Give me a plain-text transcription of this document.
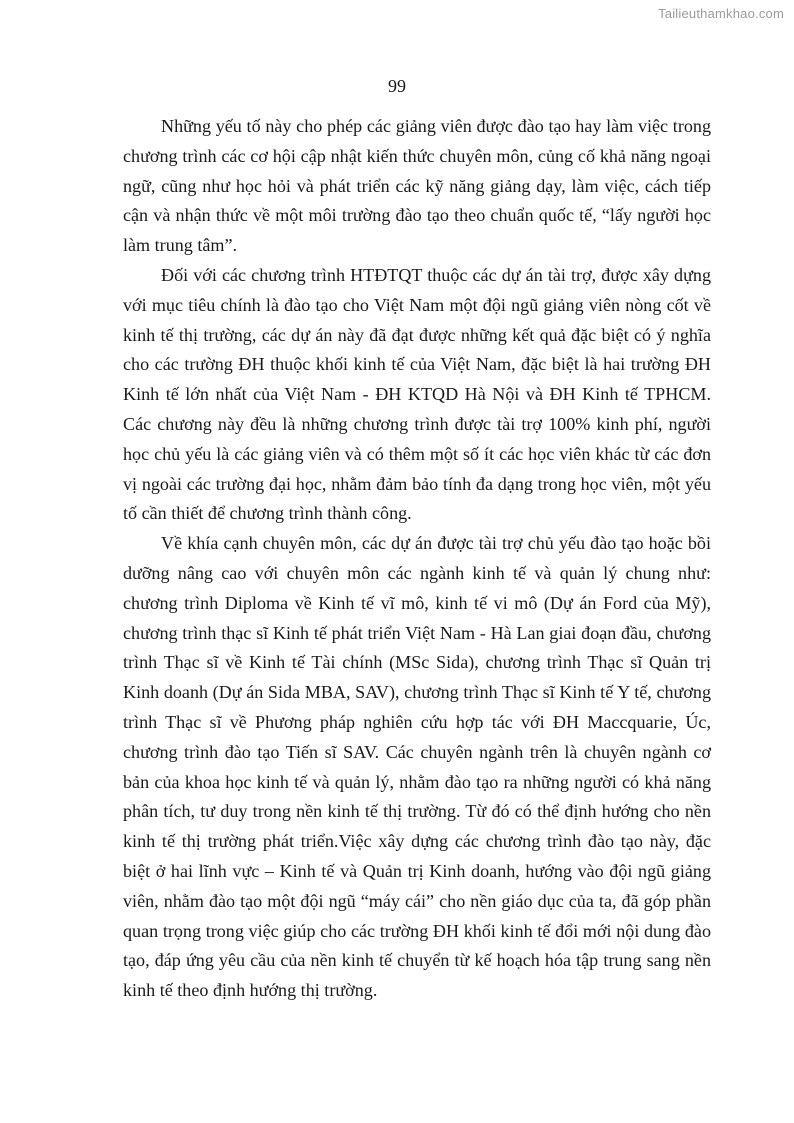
Tailieuthamkhao.com
99

Những yếu tố này cho phép các giảng viên được đào tạo hay làm việc trong chương trình các cơ hội cập nhật kiến thức chuyên môn, củng cố khả năng ngoại ngữ, cũng như học hỏi và phát triển các kỹ năng giảng dạy, làm việc, cách tiếp cận và nhận thức về một môi trường đào tạo theo chuẩn quốc tế, “lấy người học làm trung tâm”.

Đối với các chương trình HTĐTQT thuộc các dự án tài trợ, được xây dựng với mục tiêu chính là đào tạo cho Việt Nam một đội ngũ giảng viên nòng cốt về kinh tế thị trường, các dự án này đã đạt được những kết quả đặc biệt có ý nghĩa cho các trường ĐH thuộc khối kinh tế của Việt Nam, đặc biệt là hai trường ĐH Kinh tế lớn nhất của Việt Nam - ĐH KTQD Hà Nội và ĐH Kinh tế TPHCM. Các chương này đều là những chương trình được tài trợ 100% kinh phí, người học chủ yếu là các giảng viên và có thêm một số ít các học viên khác từ các đơn vị ngoài các trường đại học, nhằm đảm bảo tính đa dạng trong học viên, một yếu tố cần thiết để chương trình thành công.

Về khía cạnh chuyên môn, các dự án được tài trợ chủ yếu đào tạo hoặc bồi dưỡng nâng cao với chuyên môn các ngành kinh tế và quản lý chung như: chương trình Diploma về Kinh tế vĩ mô, kinh tế vi mô (Dự án Ford của Mỹ), chương trình thạc sĩ Kinh tế phát triển Việt Nam - Hà Lan giai đoạn đầu, chương trình Thạc sĩ về Kinh tế Tài chính (MSc Sida), chương trình Thạc sĩ Quản trị Kinh doanh (Dự án Sida MBA, SAV), chương trình Thạc sĩ Kinh tế Y tế, chương trình Thạc sĩ về Phương pháp nghiên cứu hợp tác với ĐH Maccquarie, Úc, chương trình đào tạo Tiến sĩ SAV. Các chuyên ngành trên là chuyên ngành cơ bản của khoa học kinh tế và quản lý, nhằm đào tạo ra những người có khả năng phân tích, tư duy trong nền kinh tế thị trường. Từ đó có thể định hướng cho nền kinh tế thị trường phát triển.Việc xây dựng các chương trình đào tạo này, đặc biệt ở hai lĩnh vực – Kinh tế và Quản trị Kinh doanh, hướng vào đội ngũ giảng viên, nhằm đào tạo một đội ngũ “máy cái” cho nền giáo dục của ta, đã góp phần quan trọng trong việc giúp cho các trường ĐH khối kinh tế đổi mới nội dung đào tạo, đáp ứng yêu cầu của nền kinh tế chuyển từ kế hoạch hóa tập trung sang nền kinh tế theo định hướng thị trường.
